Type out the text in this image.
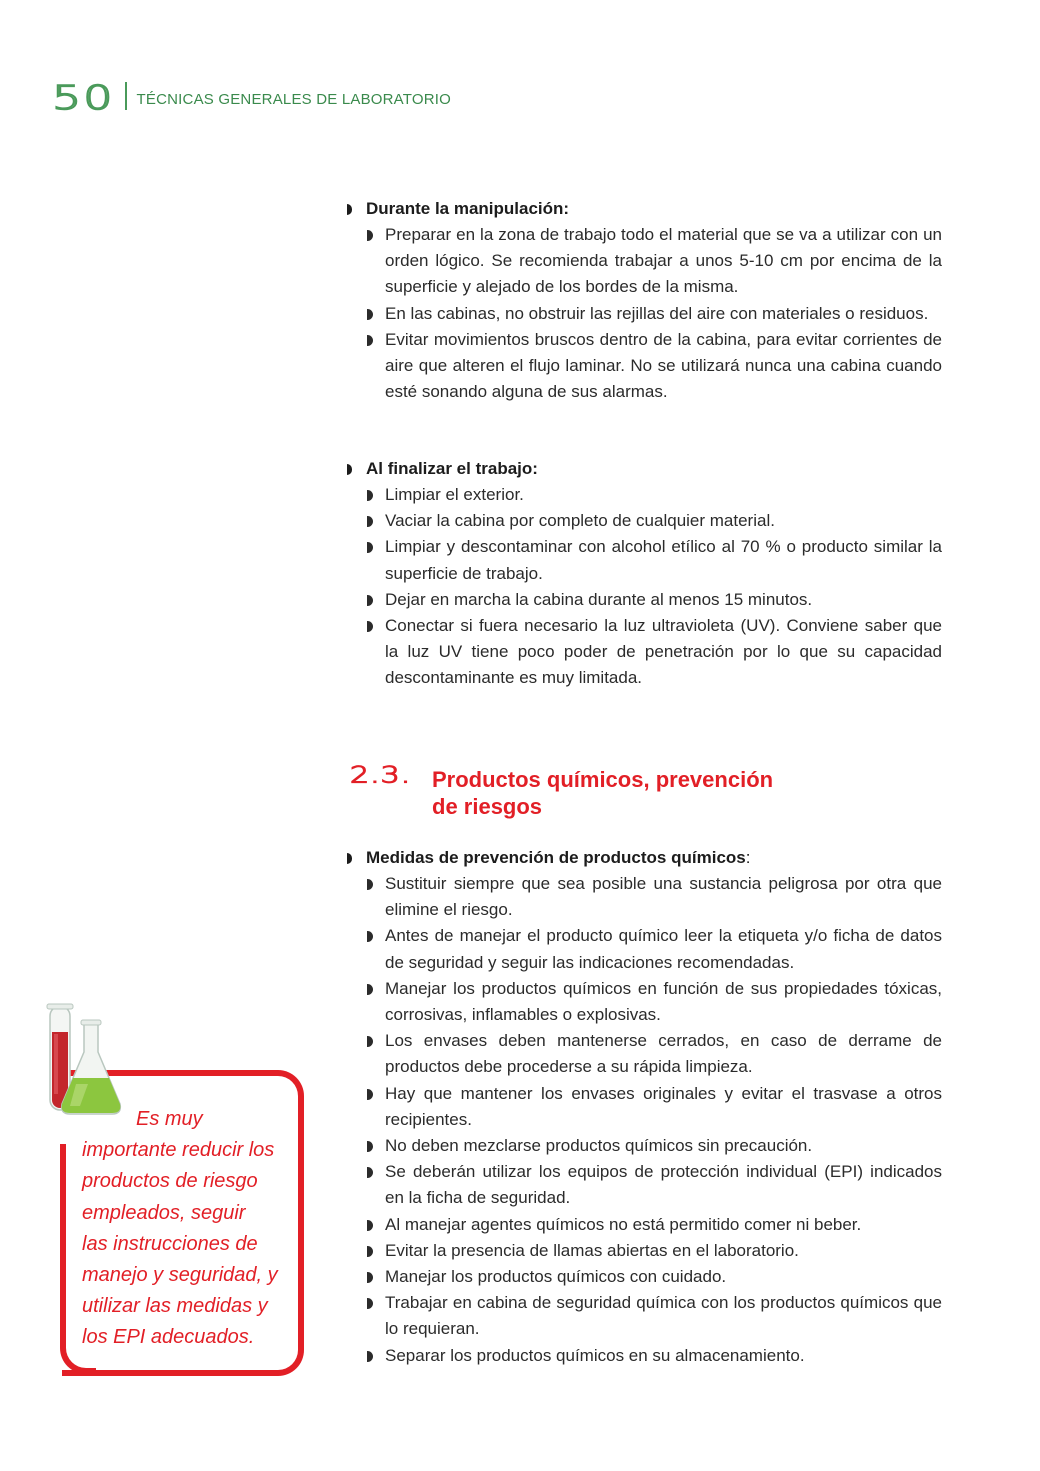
50 TÉCNICAS GENERALES DE LABORATORIO
Durante la manipulación:
Preparar en la zona de trabajo todo el material que se va a utilizar con un orden lógico. Se recomienda trabajar a unos 5-10 cm por encima de la superficie y alejado de los bordes de la misma.
En las cabinas, no obstruir las rejillas del aire con materiales o residuos.
Evitar movimientos bruscos dentro de la cabina, para evitar corrientes de aire que alteren el flujo laminar. No se utilizará nunca una cabina cuando esté sonando alguna de sus alarmas.
Al finalizar el trabajo:
Limpiar el exterior.
Vaciar la cabina por completo de cualquier material.
Limpiar y descontaminar con alcohol etílico al 70 % o producto similar la superficie de trabajo.
Dejar en marcha la cabina durante al menos 15 minutos.
Conectar si fuera necesario la luz ultravioleta (UV). Conviene saber que la luz UV tiene poco poder de penetración por lo que su capacidad descontaminante es muy limitada.
2.3. Productos químicos, prevención
de riesgos
Medidas de prevención de productos químicos:
Sustituir siempre que sea posible una sustancia peligrosa por otra que elimine el riesgo.
Antes de manejar el producto químico leer la etiqueta y/o ficha de datos de seguridad y seguir las indicaciones recomendadas.
Manejar los productos químicos en función de sus propiedades tóxicas, corrosivas, inflamables o explosivas.
Los envases deben mantenerse cerrados, en caso de derrame de productos debe procederse a su rápida limpieza.
Hay que mantener los envases originales y evitar el trasvase a otros recipientes.
No deben mezclarse productos químicos sin precaución.
Se deberán utilizar los equipos de protección individual (EPI) indicados en la ficha de seguridad.
Al manejar agentes químicos no está permitido comer ni beber.
Evitar la presencia de llamas abiertas en el laboratorio.
Manejar los productos químicos con cuidado.
Trabajar en cabina de seguridad química con los productos químicos que lo requieran.
Separar los productos químicos en su almacenamiento.
Es muy
importante reducir los
productos de riesgo
empleados, seguir
las instrucciones de
manejo y seguridad, y
utilizar las medidas y
los EPI adecuados.
